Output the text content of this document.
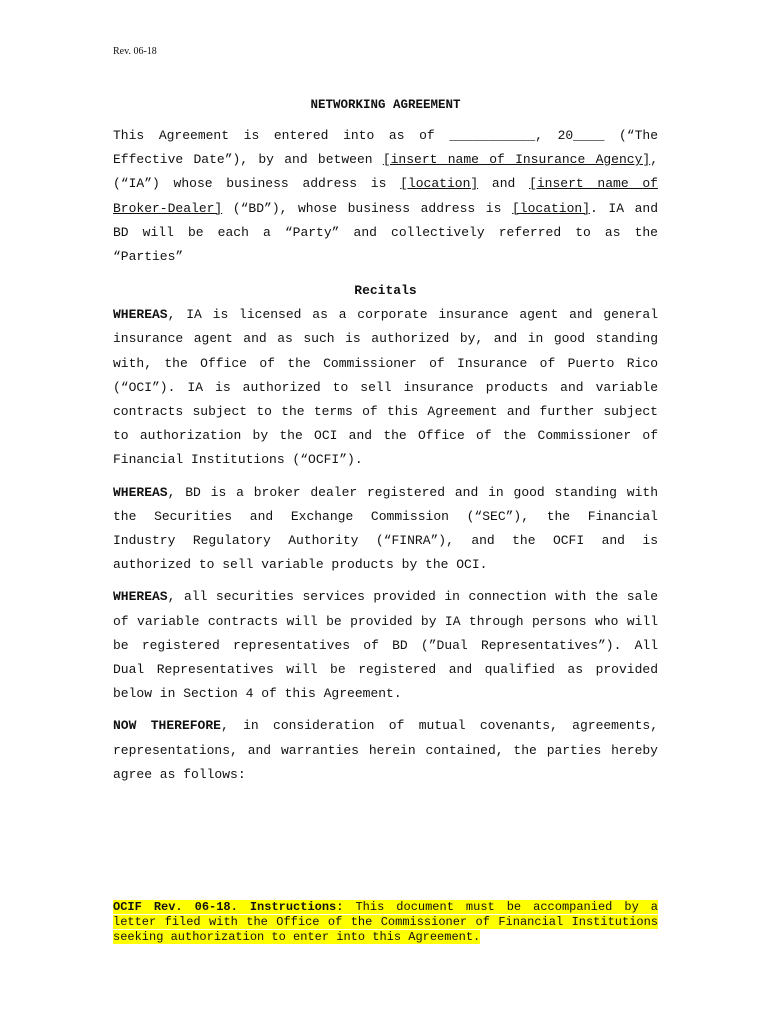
Rev. 06-18
NETWORKING AGREEMENT

This Agreement is entered into as of ___________, 20____ (“The Effective Date”), by and between [insert name of Insurance Agency], (“IA”) whose business address is [location] and [insert name of Broker-Dealer] (“BD”), whose business address is [location]. IA and BD will be each a “Party” and collectively referred to as the “Parties”

Recitals

WHEREAS, IA is licensed as a corporate insurance agent and general insurance agent and as such is authorized by, and in good standing with, the Office of the Commissioner of Insurance of Puerto Rico (“OCI”). IA is authorized to sell insurance products and variable contracts subject to the terms of this Agreement and further subject to authorization by the OCI and the Office of the Commissioner of Financial Institutions (“OCFI”).

WHEREAS, BD is a broker dealer registered and in good standing with the Securities and Exchange Commission (“SEC”), the Financial Industry Regulatory Authority (“FINRA”), and the OCFI and is authorized to sell variable products by the OCI.

WHEREAS, all securities services provided in connection with the sale of variable contracts will be provided by IA through persons who will be registered representatives of BD (”Dual Representatives”). All Dual Representatives will be registered and qualified as provided below in Section 4 of this Agreement.

NOW THEREFORE, in consideration of mutual covenants, agreements, representations, and warranties herein contained, the parties hereby agree as follows:

OCIF Rev. 06-18. Instructions: This document must be accompanied by a letter filed with the Office of the Commissioner of Financial Institutions seeking authorization to enter into this Agreement.
